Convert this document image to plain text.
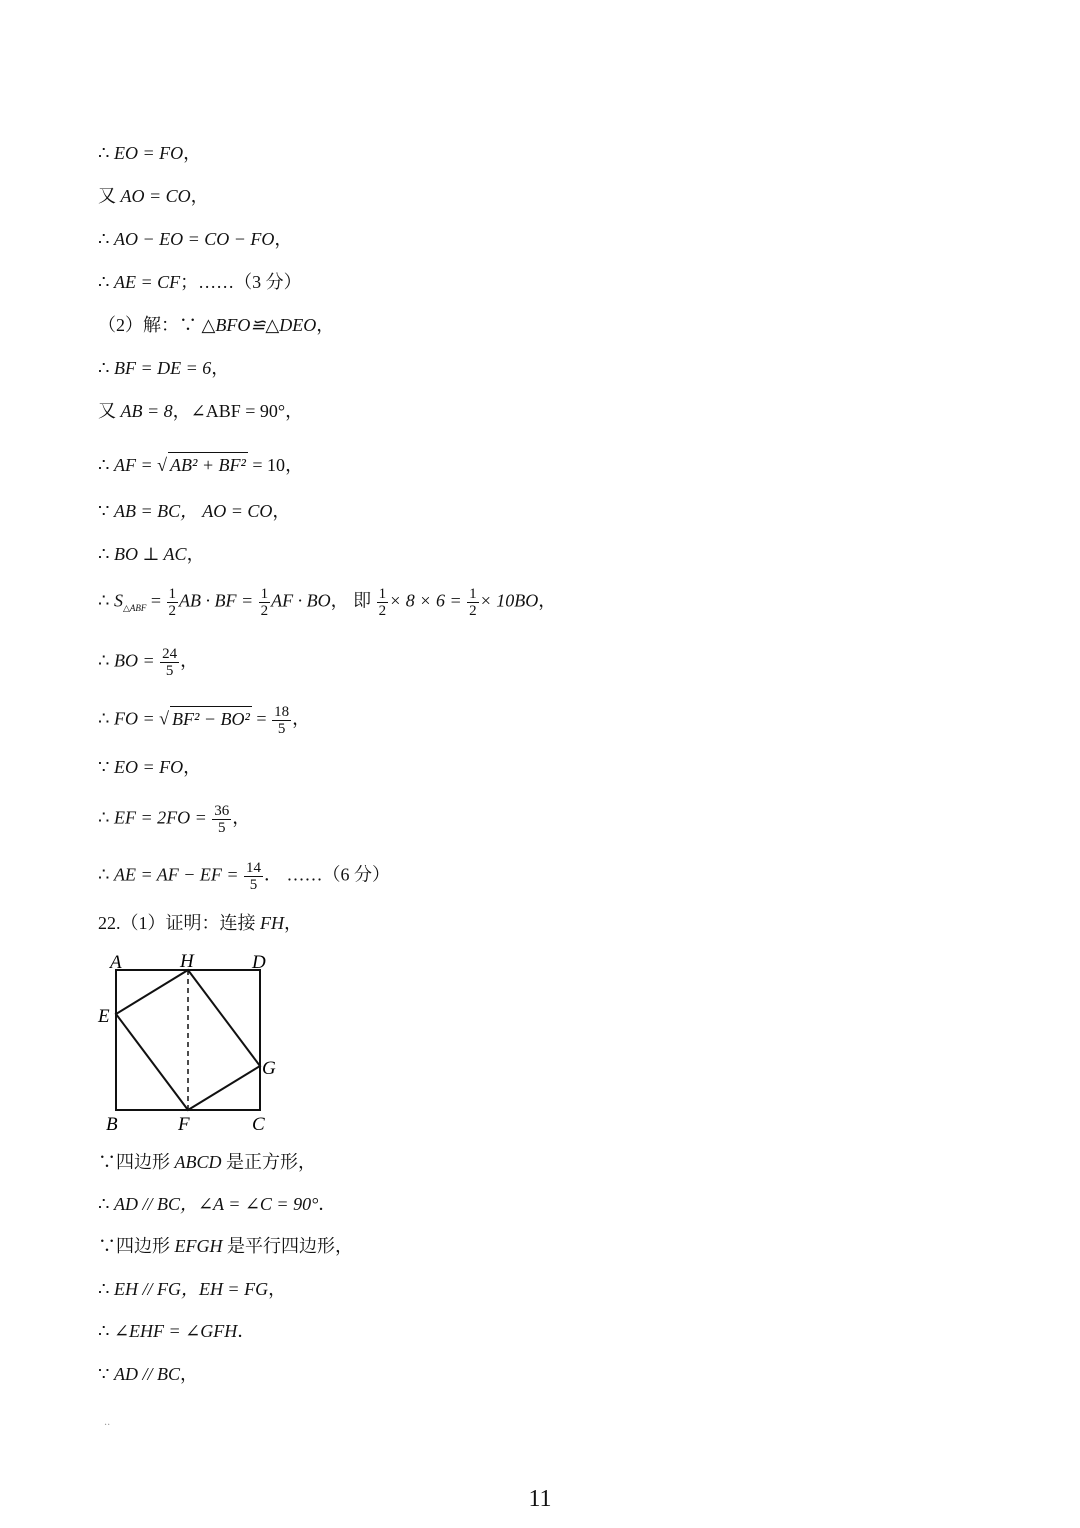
∴ EO = FO，
又 AO = CO，
∴ AO − EO = CO − FO，
∴ AE = CF；……（3 分）
（2）解：∵ △BFO≌△DEO，
∴ BF = DE = 6，
又 AB = 8，∠ABF = 90°，
∴ AF = √ AB² + BF² = 10，
∵ AB = BC， AO = CO，
∴ BO ⊥ AC，
∴ $S_{\triangle ABF} = \frac{1}{2}$ AB · BF = $\frac{1}{2}$ AF · BO， 即 $\frac{1}{2} \times 8 \times 6 = \frac{1}{2} \times 10BO$，
∴ BO = $\frac{24}{5}$ ，
∴ FO = √ $BF^2 - BO^2 = \frac{18}{5}$ ，
∵ EO = FO，
∴ EF = $2FO = \frac{36}{5}$ ，
∴ AE = AF − EF = $\frac{14}{5}$ ． ……（6 分）
22.（1）证明：连接 FH，
A	H	D
E
G
B	F	C
∵四边形 ABCD 是正方形，
∴ AD // BC，∠A = ∠C = 90°．
∵四边形 EFGH 是平行四边形，
∴ EH // FG，EH = FG，
∴ ∠EHF = ∠GFH．
∵ AD // BC，
··
11
